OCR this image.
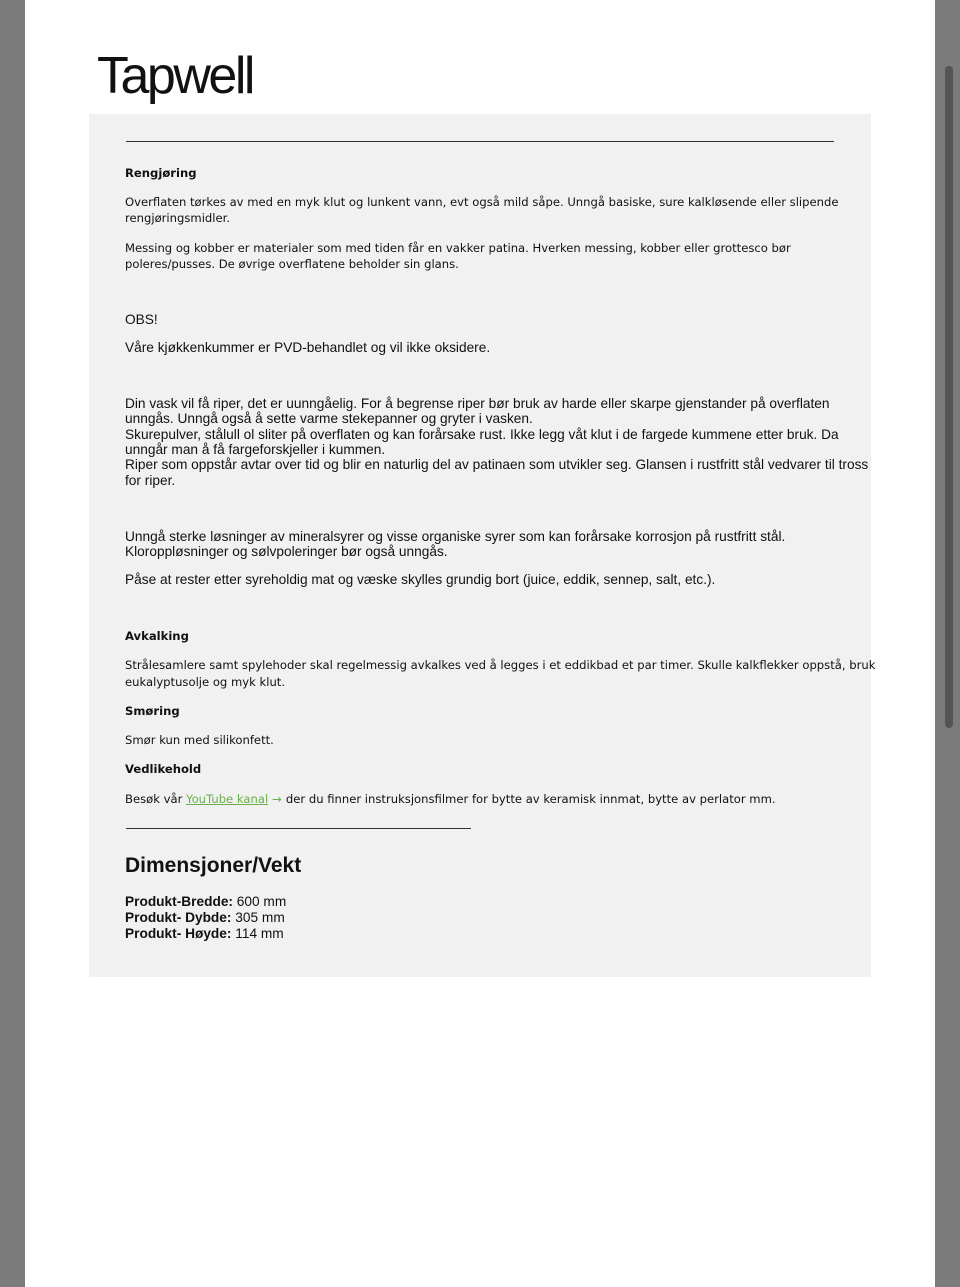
Tapwell

Rengjøring

Overflaten tørkes av med en myk klut og lunkent vann, evt også mild såpe. Unngå basiske, sure kalkløsende eller slipende

rengjøringsmidler.

Messing og kobber er materialer som med tiden får en vakker patina. Hverken messing, kobber eller grottesco bør

poleres/pusses. De øvrige overflatene beholder sin glans.

OBS!

Våre kjøkkenkummer er PVD-behandlet og vil ikke oksidere.

Din vask vil få riper, det er uunngåelig. For å begrense riper bør bruk av harde eller skarpe gjenstander på overflaten

unngås. Unngå også å sette varme stekepanner og gryter i vasken.

Skurepulver, stålull ol sliter på overflaten og kan forårsake rust. Ikke legg våt klut i de fargede kummene etter bruk. Da

unngår man å få fargeforskjeller i kummen.

Riper som oppstår avtar over tid og blir en naturlig del av patinaen som utvikler seg. Glansen i rustfritt stål vedvarer til tross

for riper.

Unngå sterke løsninger av mineralsyrer og visse organiske syrer som kan forårsake korrosjon på rustfritt stål.

Kloroppløsninger og sølvpoleringer bør også unngås.

Påse at rester etter syreholdig mat og væske skylles grundig bort (juice, eddik, sennep, salt, etc.).

Avkalking

Strålesamlere samt spylehoder skal regelmessig avkalkes ved å legges i et eddikbad et par timer. Skulle kalkflekker oppstå, bruk

eukalyptusolje og myk klut.

Smøring

Smør kun med silikonfett.

Vedlikehold

Besøk vår YouTube kanal → der du finner instruksjonsfilmer for bytte av keramisk innmat, bytte av perlator mm.

Dimensjoner/Vekt

Produkt-Bredde: 600 mm

Produkt- Dybde: 305 mm

Produkt- Høyde: 114 mm
